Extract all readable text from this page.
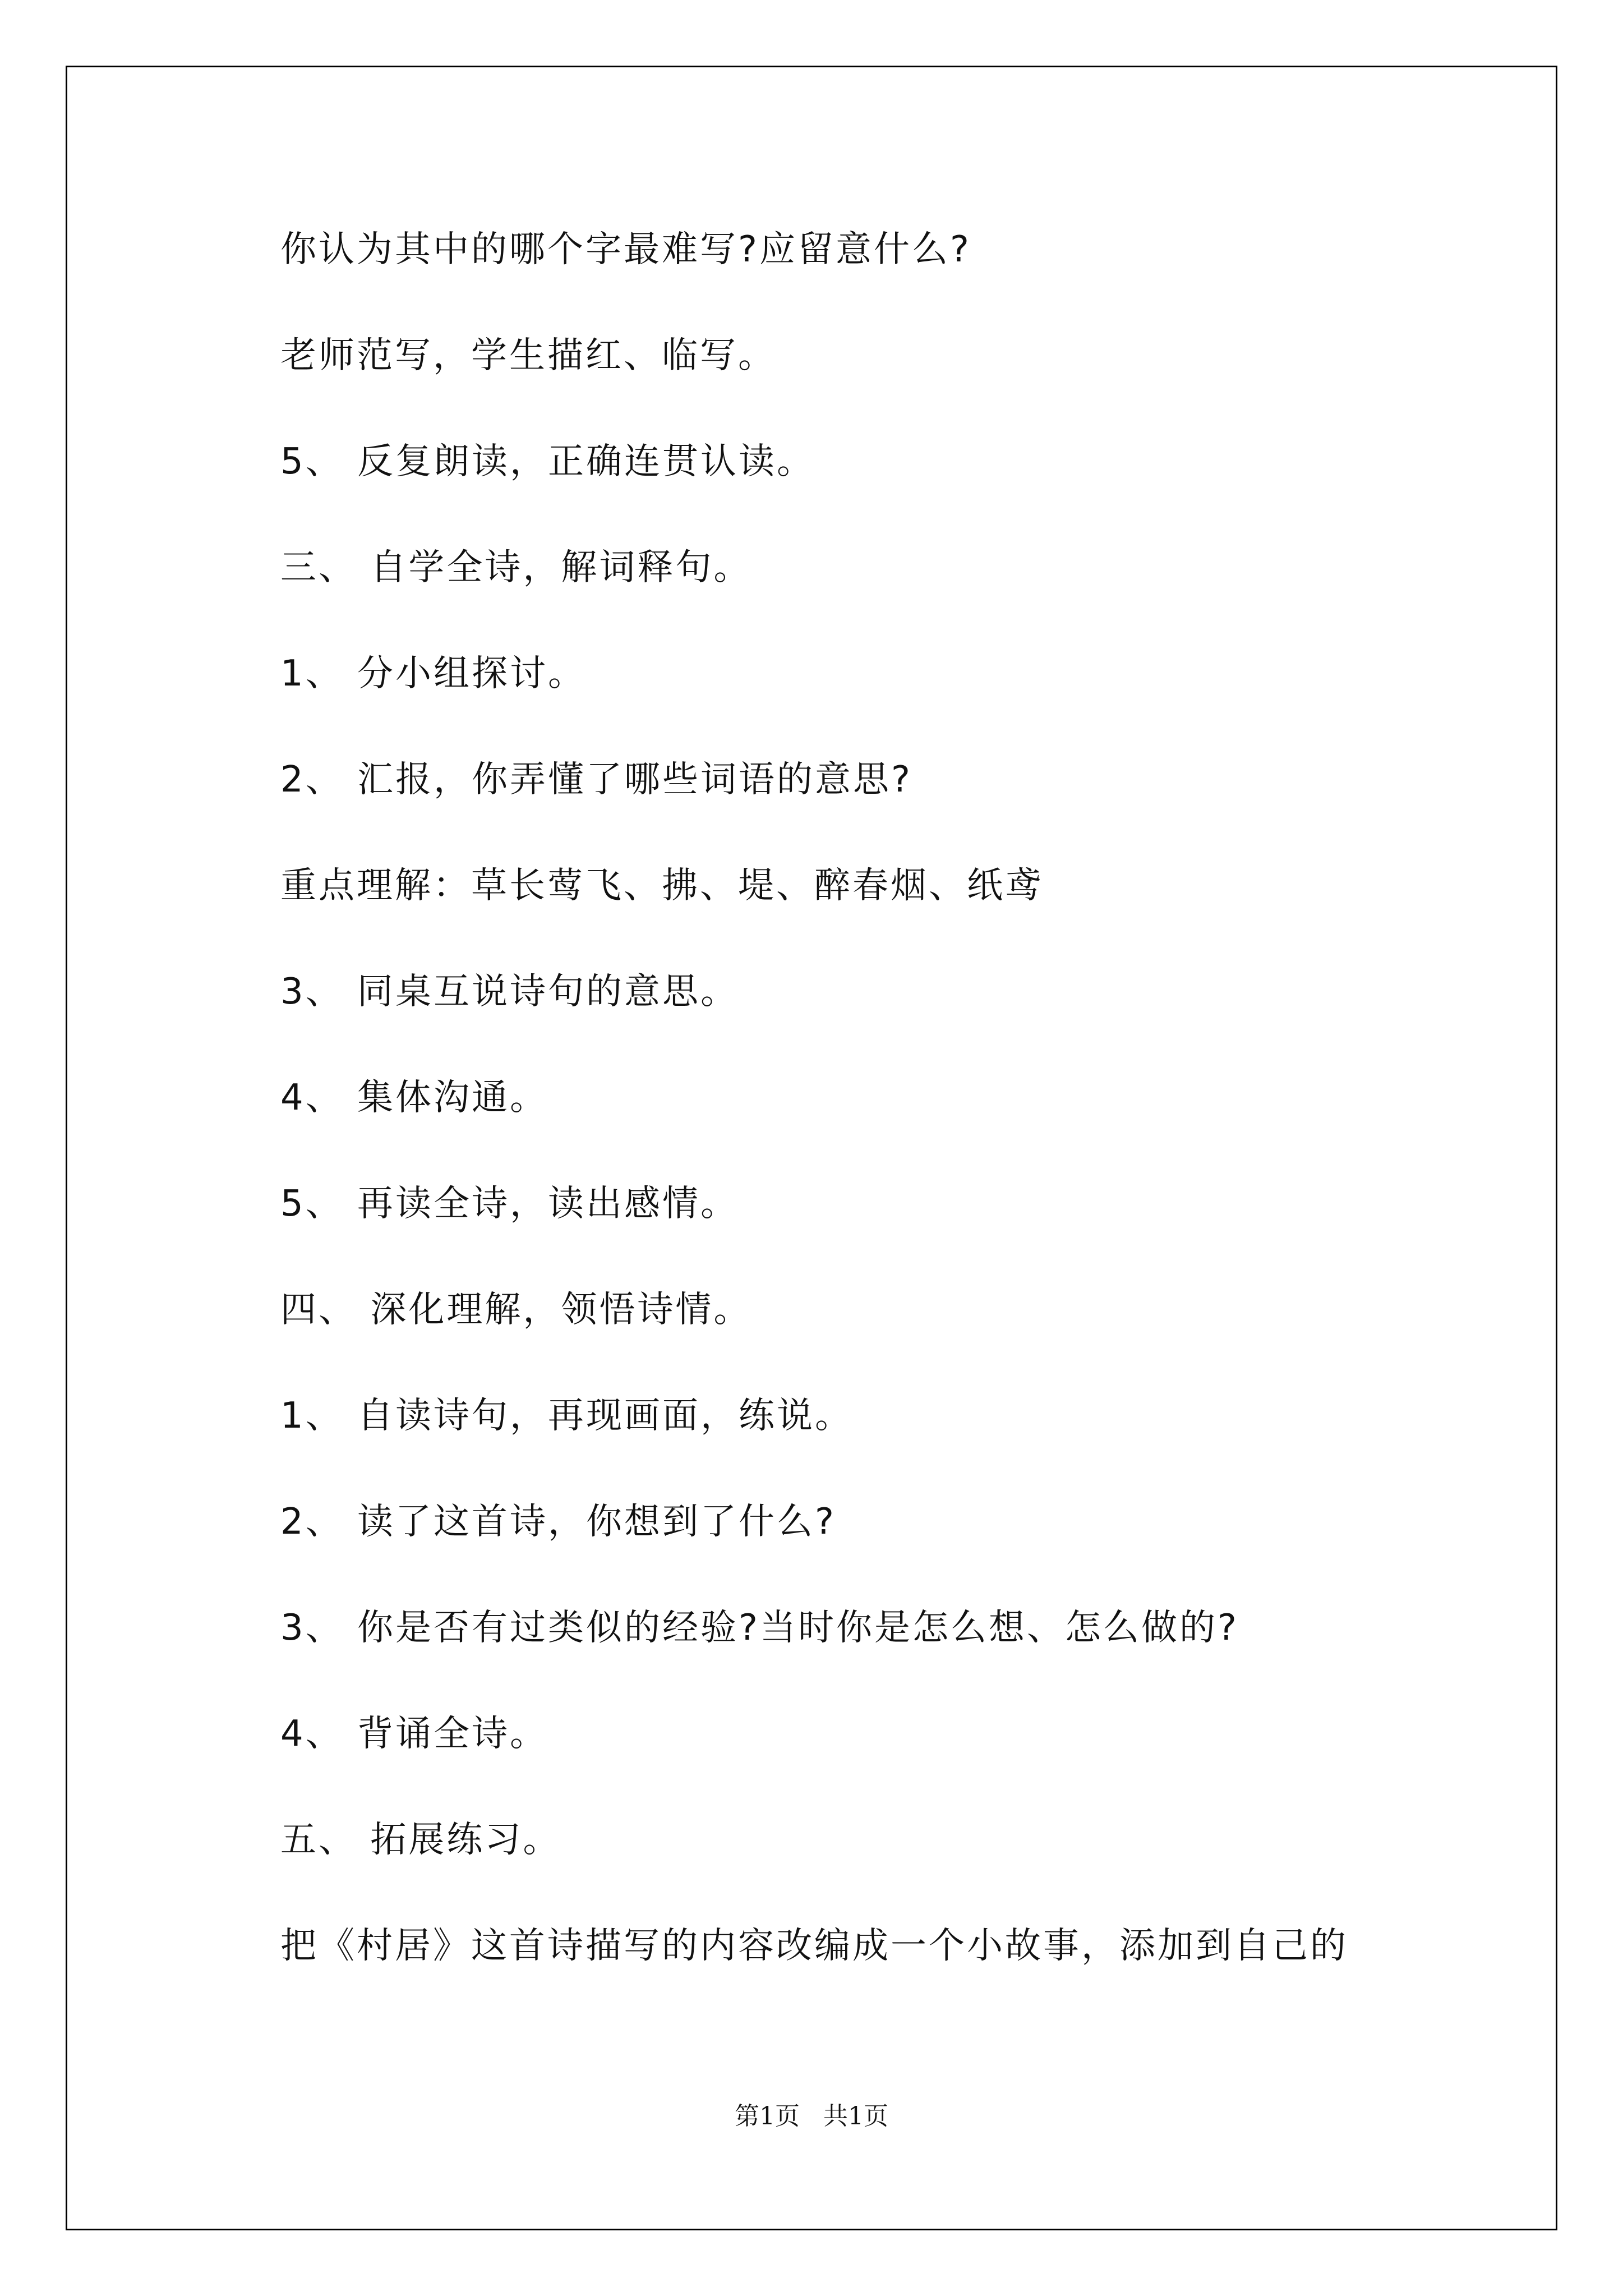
你认为其中的哪个字最难写?应留意什么?
老师范写，学生描红、临写。
5、 反复朗读，正确连贯认读。
三、 自学全诗，解词释句。
1、 分小组探讨。
2、 汇报，你弄懂了哪些词语的意思?
重点理解：草长莺飞、拂、堤、醉春烟、纸鸢
3、 同桌互说诗句的意思。
4、 集体沟通。
5、 再读全诗，读出感情。
四、 深化理解，领悟诗情。
1、 自读诗句，再现画面，练说。
2、 读了这首诗，你想到了什么?
3、 你是否有过类似的经验?当时你是怎么想、怎么做的?
4、 背诵全诗。
五、 拓展练习。
把《村居》这首诗描写的内容改编成一个小故事，添加到自己的
第1页   共1页
